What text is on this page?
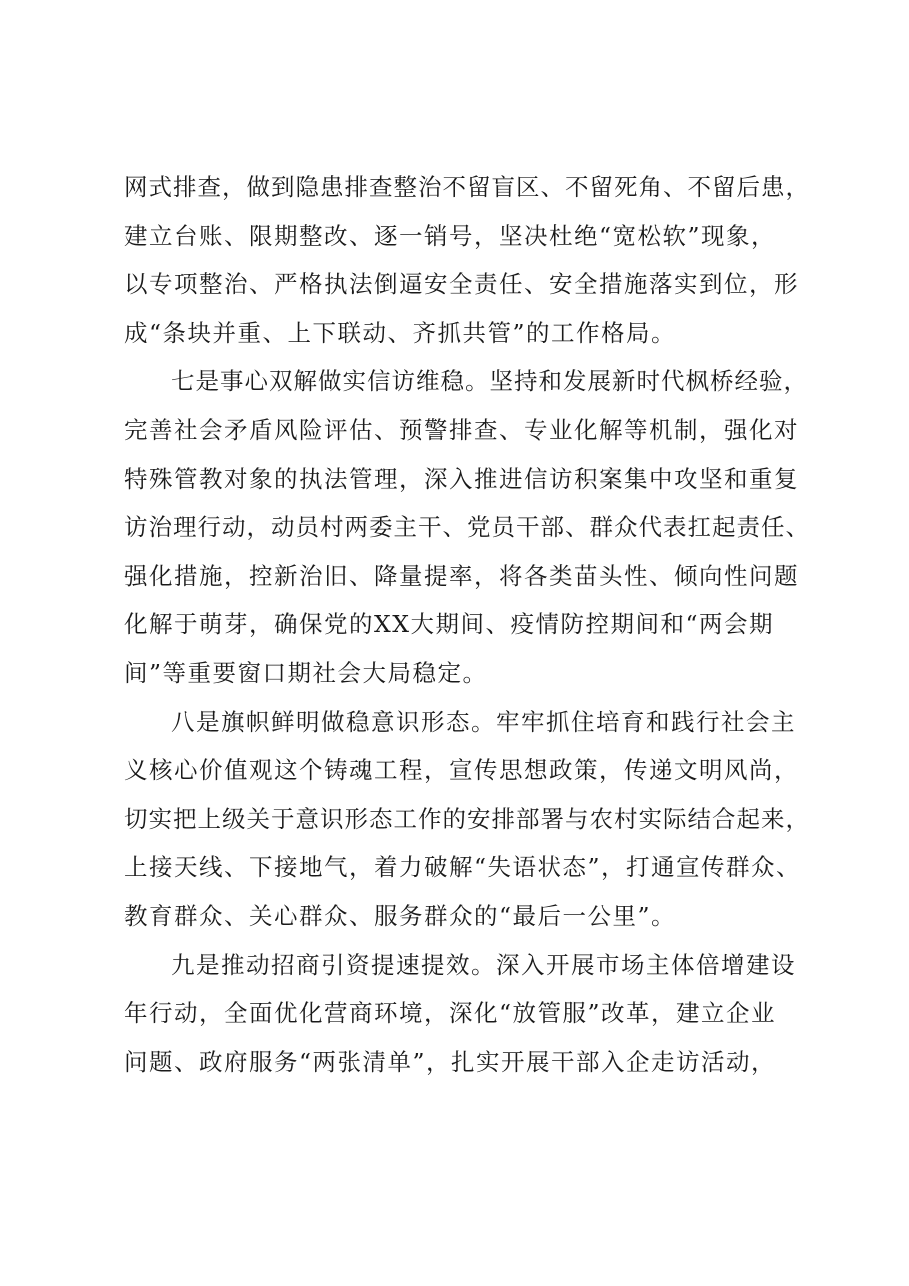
网式排查，做到隐患排查整治不留盲区、不留死角、不留后患，
建立台账、限期整改、逐一销号，坚决杜绝“宽松软”现象，
以专项整治、严格执法倒逼安全责任、安全措施落实到位，形
成“条块并重、上下联动、齐抓共管”的工作格局。
七是事心双解做实信访维稳。坚持和发展新时代枫桥经验，
完善社会矛盾风险评估、预警排查、专业化解等机制，强化对
特殊管教对象的执法管理，深入推进信访积案集中攻坚和重复
访治理行动，动员村两委主干、党员干部、群众代表扛起责任、
强化措施，控新治旧、降量提率，将各类苗头性、倾向性问题
化解于萌芽，确保党的XX大期间、疫情防控期间和“两会期
间”等重要窗口期社会大局稳定。
八是旗帜鲜明做稳意识形态。牢牢抓住培育和践行社会主
义核心价值观这个铸魂工程，宣传思想政策，传递文明风尚，
切实把上级关于意识形态工作的安排部署与农村实际结合起来，
上接天线、下接地气，着力破解“失语状态”，打通宣传群众、
教育群众、关心群众、服务群众的“最后一公里”。
九是推动招商引资提速提效。深入开展市场主体倍增建设
年行动，全面优化营商环境，深化“放管服”改革，建立企业
问题、政府服务“两张清单”，扎实开展干部入企走访活动，
